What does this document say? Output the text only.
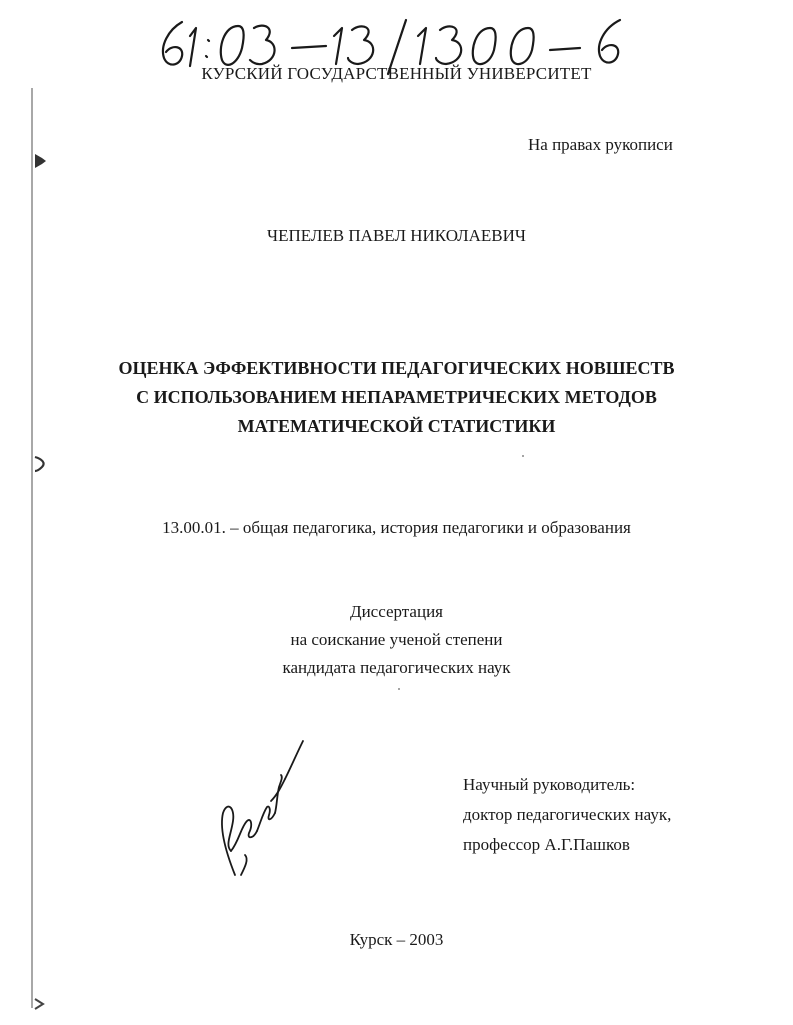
КУРСКИЙ ГОСУДАРСТВЕННЫЙ УНИВЕРСИТЕТ
На правах рукописи
ЧЕПЕЛЕВ ПАВЕЛ НИКОЛАЕВИЧ
ОЦЕНКА ЭФФЕКТИВНОСТИ ПЕДАГОГИЧЕСКИХ НОВШЕСТВ
С ИСПОЛЬЗОВАНИЕМ НЕПАРАМЕТРИЧЕСКИХ МЕТОДОВ
МАТЕМАТИЧЕСКОЙ СТАТИСТИКИ
13.00.01. – общая педагогика, история педагогики и образования
Диссертация
на соискание ученой степени
кандидата педагогических наук
Научный руководитель:
доктор педагогических наук,
профессор А.Г.Пашков
Курск – 2003
